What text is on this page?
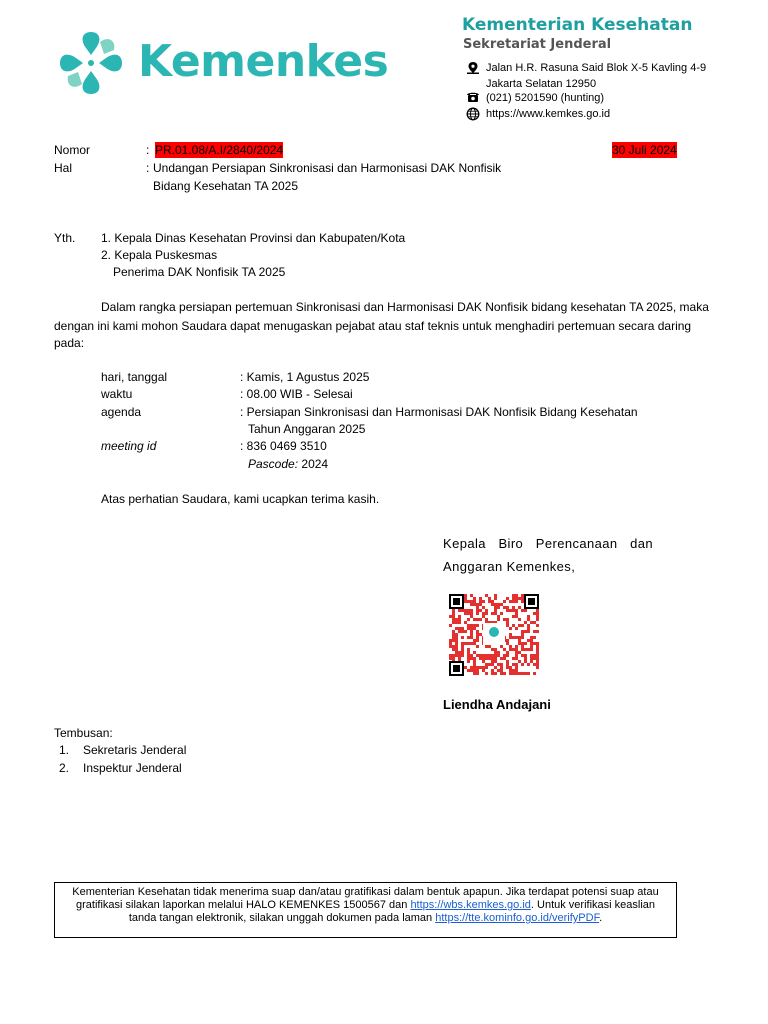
Kemenkes
Kementerian Kesehatan
Sekretariat Jenderal
Jalan H.R. Rasuna Said Blok X-5 Kavling 4-9
Jakarta Selatan 12950
(021) 5201590 (hunting)
https://www.kemkes.go.id
Nomor	: PR.01.08/A.I/2840/2024	30 Juli 2024
Hal	: Undangan Persiapan Sinkronisasi dan Harmonisasi DAK Nonfisik
Bidang Kesehatan TA 2025
Yth. 1. Kepala Dinas Kesehatan Provinsi dan Kabupaten/Kota
2. Kepala Puskesmas
Penerima DAK Nonfisik TA 2025
Dalam rangka persiapan pertemuan Sinkronisasi dan Harmonisasi DAK Nonfisik bidang kesehatan TA 2025, maka
dengan ini kami mohon Saudara dapat menugaskan pejabat atau staf teknis untuk menghadiri pertemuan secara daring
pada:
hari, tanggal	: Kamis, 1 Agustus 2025
waktu	: 08.00 WIB - Selesai
agenda	: Persiapan Sinkronisasi dan Harmonisasi DAK Nonfisik Bidang Kesehatan
Tahun Anggaran 2025
meeting id	: 836 0469 3510
Pascode: 2024
Atas perhatian Saudara, kami ucapkan terima kasih.
Kepala Biro Perencanaan dan
Anggaran Kemenkes,
Liendha Andajani
Tembusan:
1. Sekretaris Jenderal
2. Inspektur Jenderal
Kementerian Kesehatan tidak menerima suap dan/atau gratifikasi dalam bentuk apapun. Jika terdapat potensi suap atau gratifikasi silakan laporkan melalui HALO KEMENKES 1500567 dan https://wbs.kemkes.go.id. Untuk verifikasi keaslian tanda tangan elektronik, silakan unggah dokumen pada laman https://tte.kominfo.go.id/verifyPDF.
